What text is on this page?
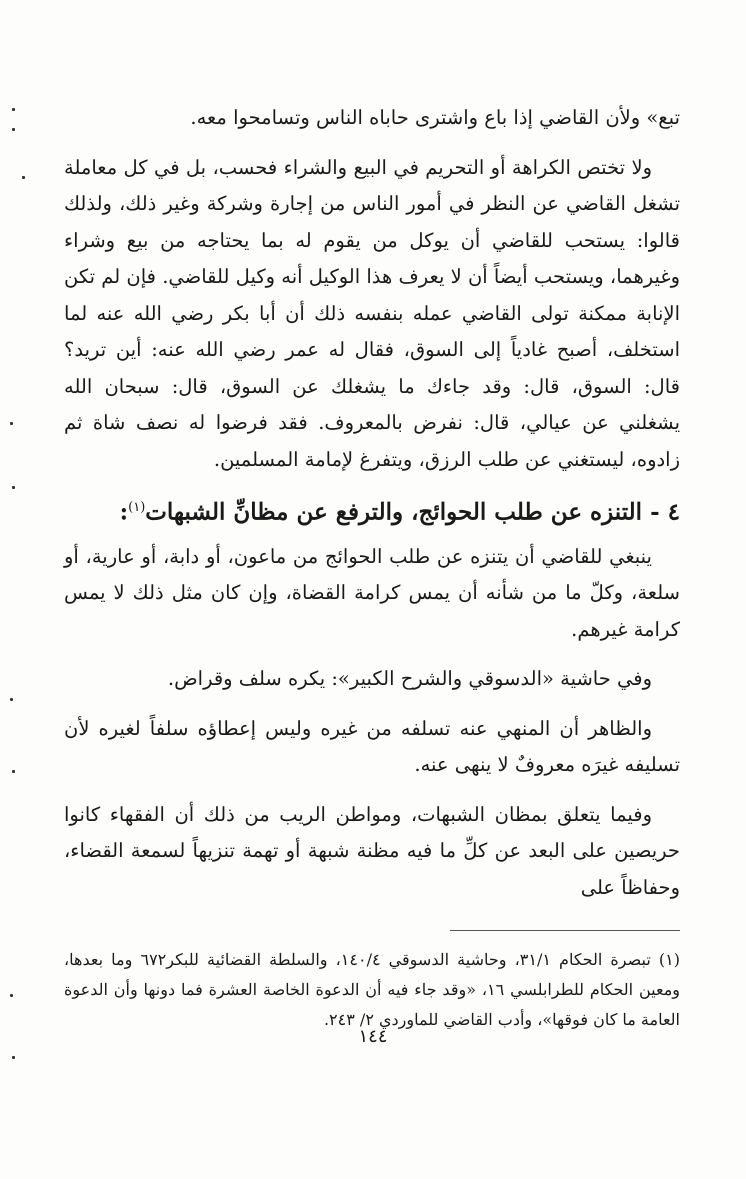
تبع» ولأن القاضي إذا باع واشترى حاباه الناس وتسامحوا معه.

ولا تختص الكراهة أو التحريم في البيع والشراء فحسب، بل في كل معاملة تشغل القاضي عن النظر في أمور الناس من إجارة وشركة وغير ذلك، ولذلك قالوا: يستحب للقاضي أن يوكل من يقوم له بما يحتاجه من بيع وشراء وغيرهما، ويستحب أيضاً أن لا يعرف هذا الوكيل أنه وكيل للقاضي. فإن لم تكن الإنابة ممكنة تولى القاضي عمله بنفسه ذلك أن أبا بكر رضي الله عنه لما استخلف، أصبح غادياً إلى السوق، فقال له عمر رضي الله عنه: أين تريد؟ قال: السوق، قال: وقد جاءك ما يشغلك عن السوق، قال: سبحان الله يشغلني عن عيالي، قال: نفرض بالمعروف. فقد فرضوا له نصف شاة ثم زادوه، ليستغني عن طلب الرزق، ويتفرغ لإمامة المسلمين.

٤ - التنزه عن طلب الحوائج، والترفع عن مظانِّ الشبهات$^{(١)}$:

ينبغي للقاضي أن يتنزه عن طلب الحوائج من ماعون، أو دابة، أو عارية، أو سلعة، وكلّ ما من شأنه أن يمس كرامة القضاة، وإن كان مثل ذلك لا يمس كرامة غيرهم.

وفي حاشية «الدسوقي والشرح الكبير»: يكره سلف وقراض.

والظاهر أن المنهي عنه تسلفه من غيره وليس إعطاؤه سلفاً لغيره لأن تسليفه غيرَه معروفٌ لا ينهى عنه.

وفيما يتعلق بمظان الشبهات، ومواطن الريب من ذلك أن الفقهاء كانوا حريصين على البعد عن كلِّ ما فيه مظنة شبهة أو تهمة تنزيهاً لسمعة القضاء، وحفاظاً على

(١) تبصرة الحكام ٣١/١، وحاشية الدسوقي ١٤٠/٤، والسلطة القضائية للبكر٦٧٢ وما بعدها، ومعين الحكام للطرابلسي ١٦، «وقد جاء فيه أن الدعوة الخاصة العشرة فما دونها وأن الدعوة العامة ما كان فوقها»، وأدب القاضي للماوردي ٢/ ٢٤٣.

١٤٤
